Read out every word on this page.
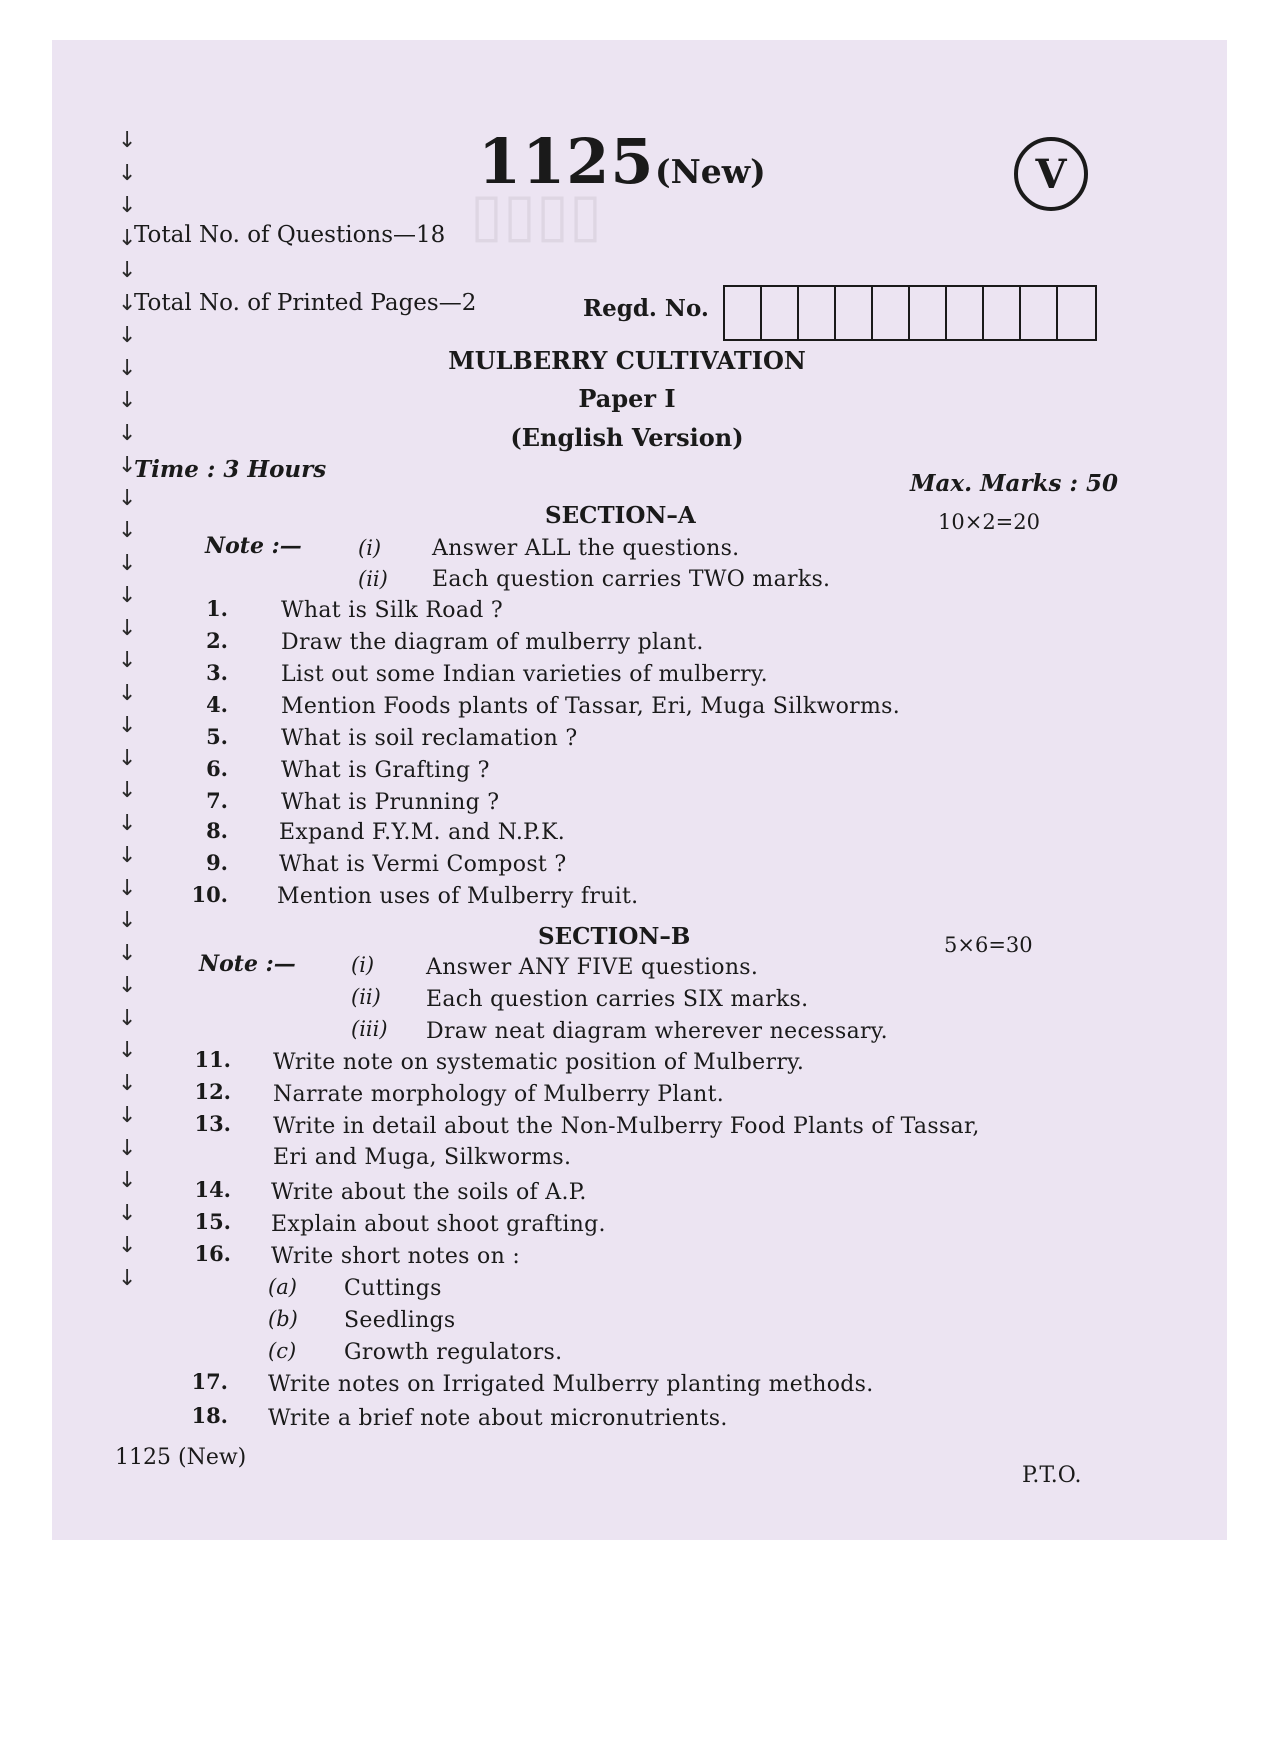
▯▯▯▯
↓
↓
↓
↓
↓
↓
↓
↓
↓
↓
↓
↓
↓
↓
↓
↓
↓
↓
↓
↓
↓
↓
↓
↓
↓
↓
↓
↓
↓
↓
↓
↓
↓
↓
↓
↓
1125 (New)	V
Total No. of Questions—18
Total No. of Printed Pages—2	Regd. No.
MULBERRY CULTIVATION
Paper I
(English Version)
Time : 3 Hours
Max. Marks : 50
SECTION–A	10×2=20
Note :—	(i) Answer ALL the questions.
(ii) Each question carries TWO marks.
1. What is Silk Road ?
2. Draw the diagram of mulberry plant.
3. List out some Indian varieties of mulberry.
4. Mention Foods plants of Tassar, Eri, Muga Silkworms.
5. What is soil reclamation ?
6. What is Grafting ?
7. What is Prunning ?
8. Expand F.Y.M. and N.P.K.
9. What is Vermi Compost ?
10. Mention uses of Mulberry fruit.
SECTION–B	5×6=30
Note :—	(i) Answer ANY FIVE questions.
(ii) Each question carries SIX marks.
(iii) Draw neat diagram wherever necessary.
11. Write note on systematic position of Mulberry.
12. Narrate morphology of Mulberry Plant.
13. Write in detail about the Non-Mulberry Food Plants of Tassar,
Eri and Muga, Silkworms.
14. Write about the soils of A.P.
15. Explain about shoot grafting.
16. Write short notes on :
(a) Cuttings
(b) Seedlings
(c) Growth regulators.
17. Write notes on Irrigated Mulberry planting methods.
18. Write a brief note about micronutrients.
1125 (New)
P.T.O.
